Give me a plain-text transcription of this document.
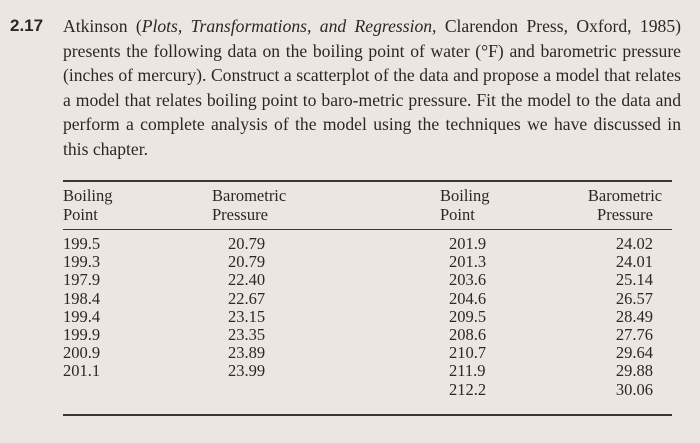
2.17 Atkinson (Plots, Transformations, and Regression, Clarendon Press, Oxford, 1985) presents the following data on the boiling point of water (°F) and barometric pressure (inches of mercury). Construct a scatterplot of the data and propose a model that relates a model that relates boiling point to baro-metric pressure. Fit the model to the data and perform a complete analysis of the model using the techniques we have discussed in this chapter.
Boiling
Point
Barometric
Pressure
Boiling
Point
Barometric
Pressure
199.5
199.3
197.9
198.4
199.4
199.9
200.9
201.1
20.79
20.79
22.40
22.67
23.15
23.35
23.89
23.99
201.9
201.3
203.6
204.6
209.5
208.6
210.7
211.9
212.2
24.02
24.01
25.14
26.57
28.49
27.76
29.64
29.88
30.06
